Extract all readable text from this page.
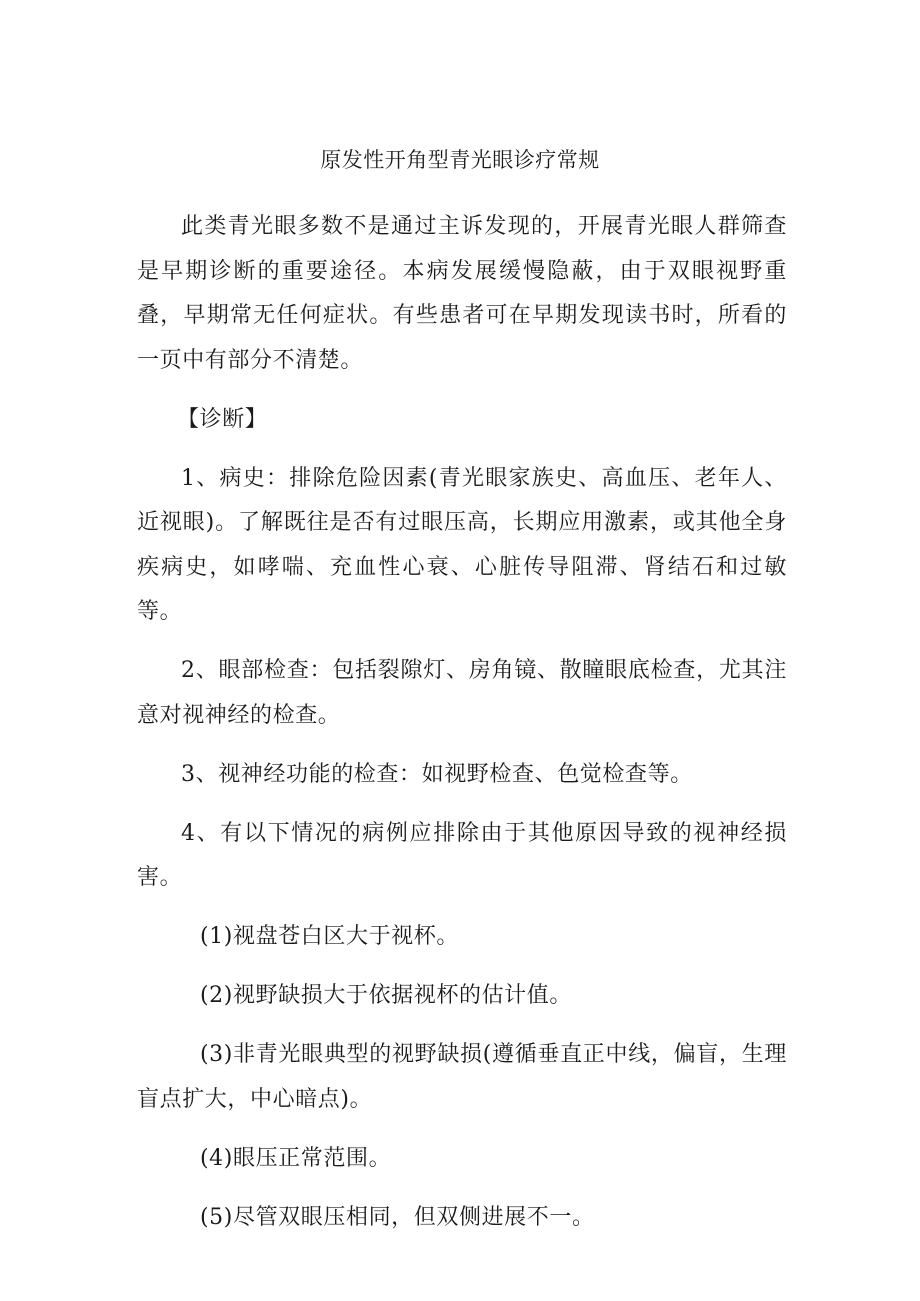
原发性开角型青光眼诊疗常规

此类青光眼多数不是通过主诉发现的，开展青光眼人群筛查是早期诊断的重要途径。本病发展缓慢隐蔽，由于双眼视野重叠，早期常无任何症状。有些患者可在早期发现读书时，所看的一页中有部分不清楚。

【诊断】

1、病史：排除危险因素(青光眼家族史、高血压、老年人、近视眼)。了解既往是否有过眼压高，长期应用激素，或其他全身疾病史，如哮喘、充血性心衰、心脏传导阻滞、肾结石和过敏等。

2、眼部检查：包括裂隙灯、房角镜、散瞳眼底检查，尤其注意对视神经的检查。

3、视神经功能的检查：如视野检查、色觉检查等。

4、有以下情况的病例应排除由于其他原因导致的视神经损害。

(1)视盘苍白区大于视杯。

(2)视野缺损大于依据视杯的估计值。

(3)非青光眼典型的视野缺损(遵循垂直正中线，偏盲，生理盲点扩大，中心暗点)。

(4)眼压正常范围。

(5)尽管双眼压相同，但双侧进展不一。
